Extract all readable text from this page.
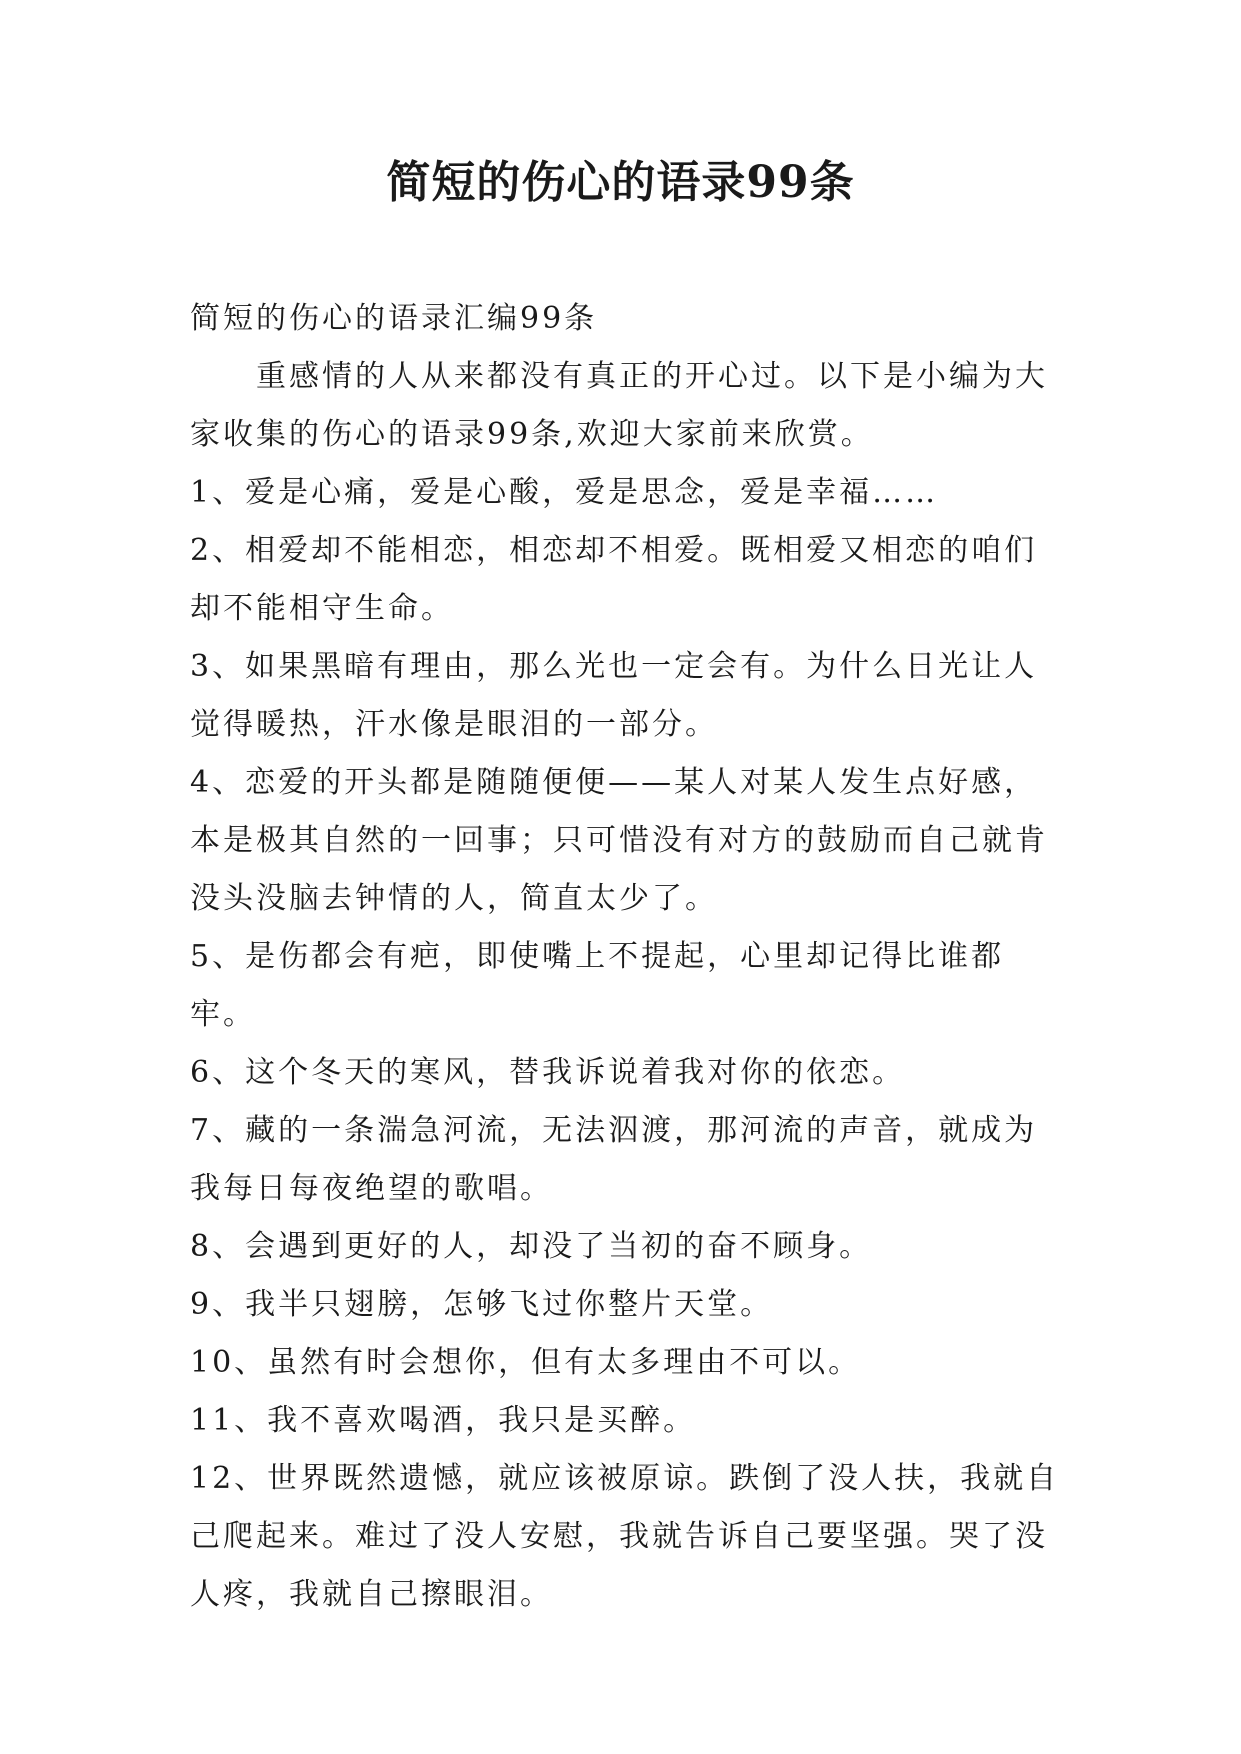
简短的伤心的语录99条

简短的伤心的语录汇编99条

重感情的人从来都没有真正的开心过。以下是小编为大
家收集的伤心的语录99条,欢迎大家前来欣赏。

1、爱是心痛，爱是心酸，爱是思念，爱是幸福……

2、相爱却不能相恋，相恋却不相爱。既相爱又相恋的咱们
却不能相守生命。

3、如果黑暗有理由，那么光也一定会有。为什么日光让人
觉得暖热，汗水像是眼泪的一部分。

4、恋爱的开头都是随随便便——某人对某人发生点好感，
本是极其自然的一回事；只可惜没有对方的鼓励而自己就肯
没头没脑去钟情的人，简直太少了。

5、是伤都会有疤，即使嘴上不提起，心里却记得比谁都牢。

6、这个冬天的寒风，替我诉说着我对你的依恋。

7、藏的一条湍急河流，无法泅渡，那河流的声音，就成为
我每日每夜绝望的歌唱。

8、会遇到更好的人，却没了当初的奋不顾身。

9、我半只翅膀，怎够飞过你整片天堂。

10、虽然有时会想你，但有太多理由不可以。

11、我不喜欢喝酒，我只是买醉。

12、世界既然遗憾，就应该被原谅。跌倒了没人扶，我就自
己爬起来。难过了没人安慰，我就告诉自己要坚强。哭了没
人疼，我就自己擦眼泪。
